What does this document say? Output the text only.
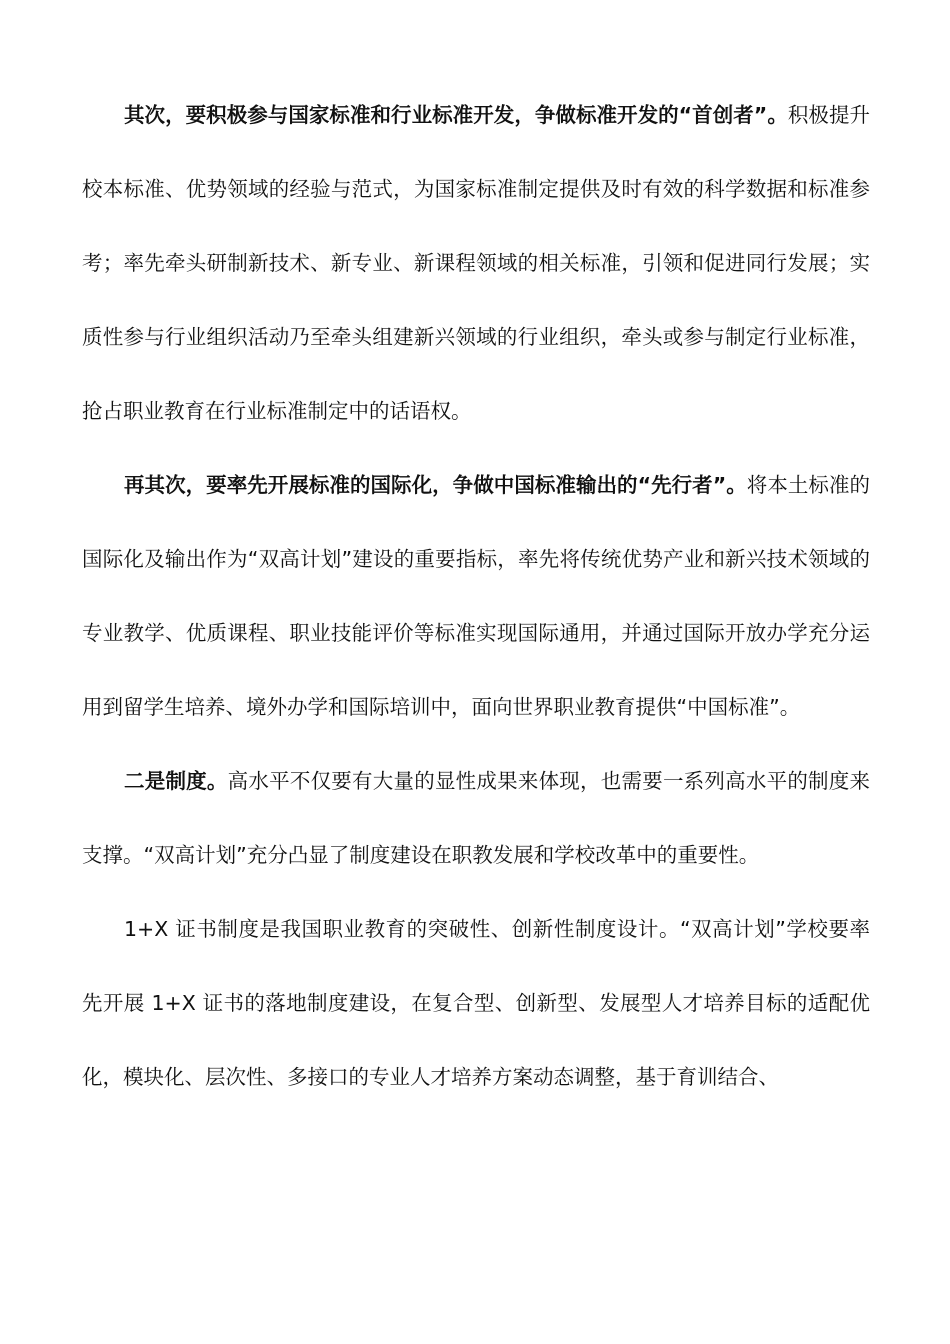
其次，要积极参与国家标准和行业标准开发，争做标准开发的“首创者”。积极提升校本标准、优势领域的经验与范式，为国家标准制定提供及时有效的科学数据和标准参考；率先牵头研制新技术、新专业、新课程领域的相关标准，引领和促进同行发展；实质性参与行业组织活动乃至牵头组建新兴领域的行业组织，牵头或参与制定行业标准，抢占职业教育在行业标准制定中的话语权。

再其次，要率先开展标准的国际化，争做中国标准输出的“先行者”。将本土标准的国际化及输出作为“双高计划”建设的重要指标，率先将传统优势产业和新兴技术领域的专业教学、优质课程、职业技能评价等标准实现国际通用，并通过国际开放办学充分运用到留学生培养、境外办学和国际培训中，面向世界职业教育提供“中国标准”。

二是制度。高水平不仅要有大量的显性成果来体现，也需要一系列高水平的制度来支撑。“双高计划”充分凸显了制度建设在职教发展和学校改革中的重要性。

1+X 证书制度是我国职业教育的突破性、创新性制度设计。“双高计划”学校要率先开展 1+X 证书的落地制度建设，在复合型、创新型、发展型人才培养目标的适配优化，模块化、层次性、多接口的专业人才培养方案动态调整，基于育训结合、
